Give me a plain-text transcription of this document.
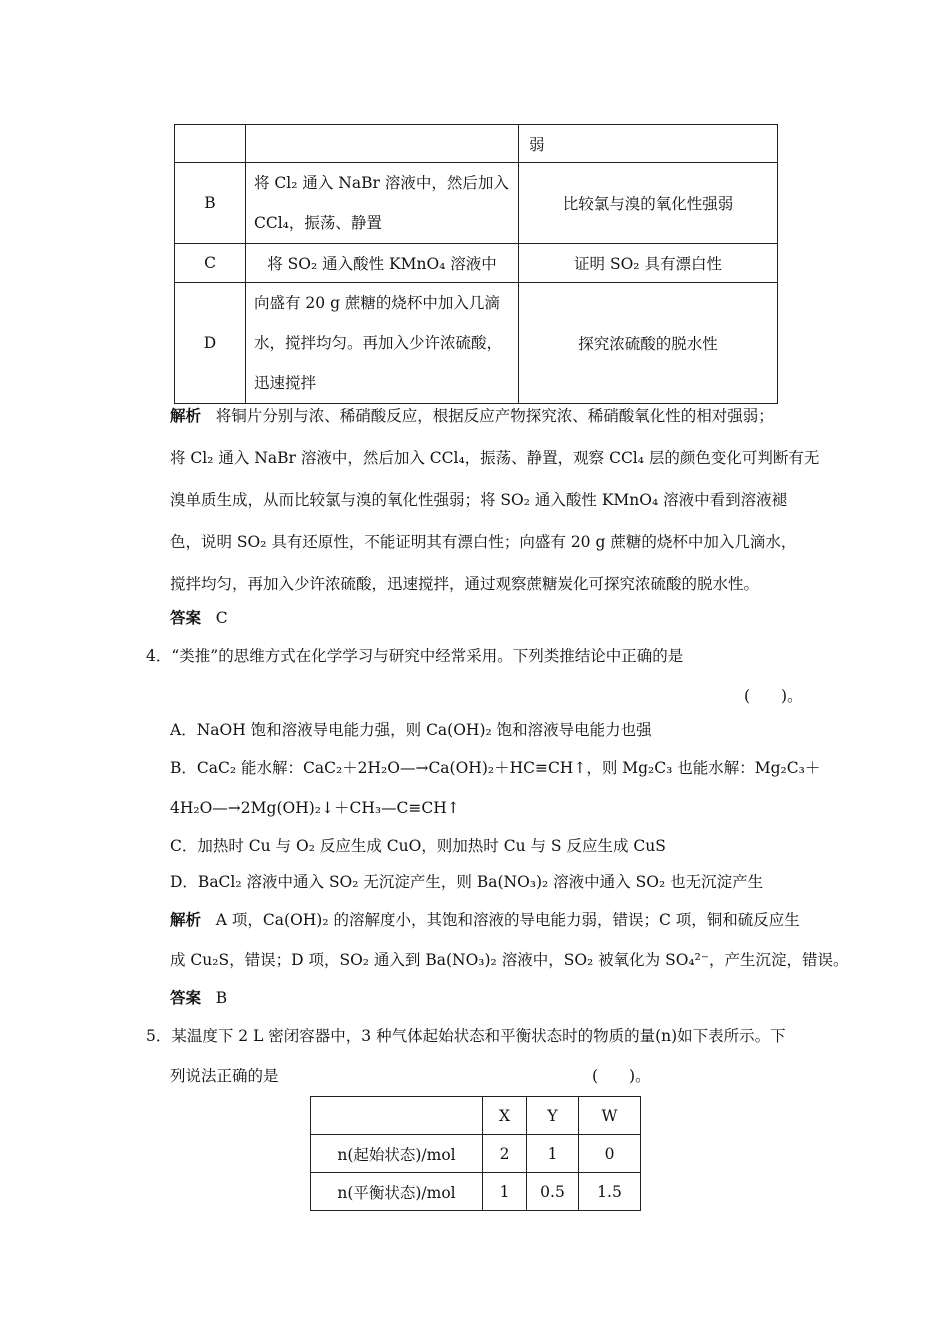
		弱
B	将 Cl₂ 通入 NaBr 溶液中，然后加入 CCl₄，振荡、静置	比较氯与溴的氧化性强弱
C	将 SO₂ 通入酸性 KMnO₄ 溶液中	证明 SO₂ 具有漂白性
D	向盛有 20 g 蔗糖的烧杯中加入几滴水，搅拌均匀。再加入少许浓硫酸，迅速搅拌	探究浓硫酸的脱水性
解析 将铜片分别与浓、稀硝酸反应，根据反应产物探究浓、稀硝酸氧化性的相对强弱；
将 Cl₂ 通入 NaBr 溶液中，然后加入 CCl₄，振荡、静置，观察 CCl₄ 层的颜色变化可判断有无
溴单质生成，从而比较氯与溴的氧化性强弱；将 SO₂ 通入酸性 KMnO₄ 溶液中看到溶液褪
色，说明 SO₂ 具有还原性，不能证明其有漂白性；向盛有 20 g 蔗糖的烧杯中加入几滴水，
搅拌均匀，再加入少许浓硫酸，迅速搅拌，通过观察蔗糖炭化可探究浓硫酸的脱水性。
答案 C
4．“类推”的思维方式在化学学习与研究中经常采用。下列类推结论中正确的是
(　　)。
A．NaOH 饱和溶液导电能力强，则 Ca(OH)₂ 饱和溶液导电能力也强
B．CaC₂ 能水解：CaC₂＋2H₂O—→Ca(OH)₂＋HC≡CH↑，则 Mg₂C₃ 也能水解：Mg₂C₃＋
4H₂O—→2Mg(OH)₂↓＋CH₃—C≡CH↑
C．加热时 Cu 与 O₂ 反应生成 CuO，则加热时 Cu 与 S 反应生成 CuS
D．BaCl₂ 溶液中通入 SO₂ 无沉淀产生，则 Ba(NO₃)₂ 溶液中通入 SO₂ 也无沉淀产生
解析 A 项，Ca(OH)₂ 的溶解度小，其饱和溶液的导电能力弱，错误；C 项，铜和硫反应生
成 Cu₂S，错误；D 项，SO₂ 通入到 Ba(NO₃)₂ 溶液中，SO₂ 被氧化为 SO₄²⁻，产生沉淀，错误。
答案 B
5．某温度下 2 L 密闭容器中，3 种气体起始状态和平衡状态时的物质的量(n)如下表所示。下
列说法正确的是	(　　)。
	X	Y	W
n(起始状态)/mol	2	1	0
n(平衡状态)/mol	1	0.5	1.5
